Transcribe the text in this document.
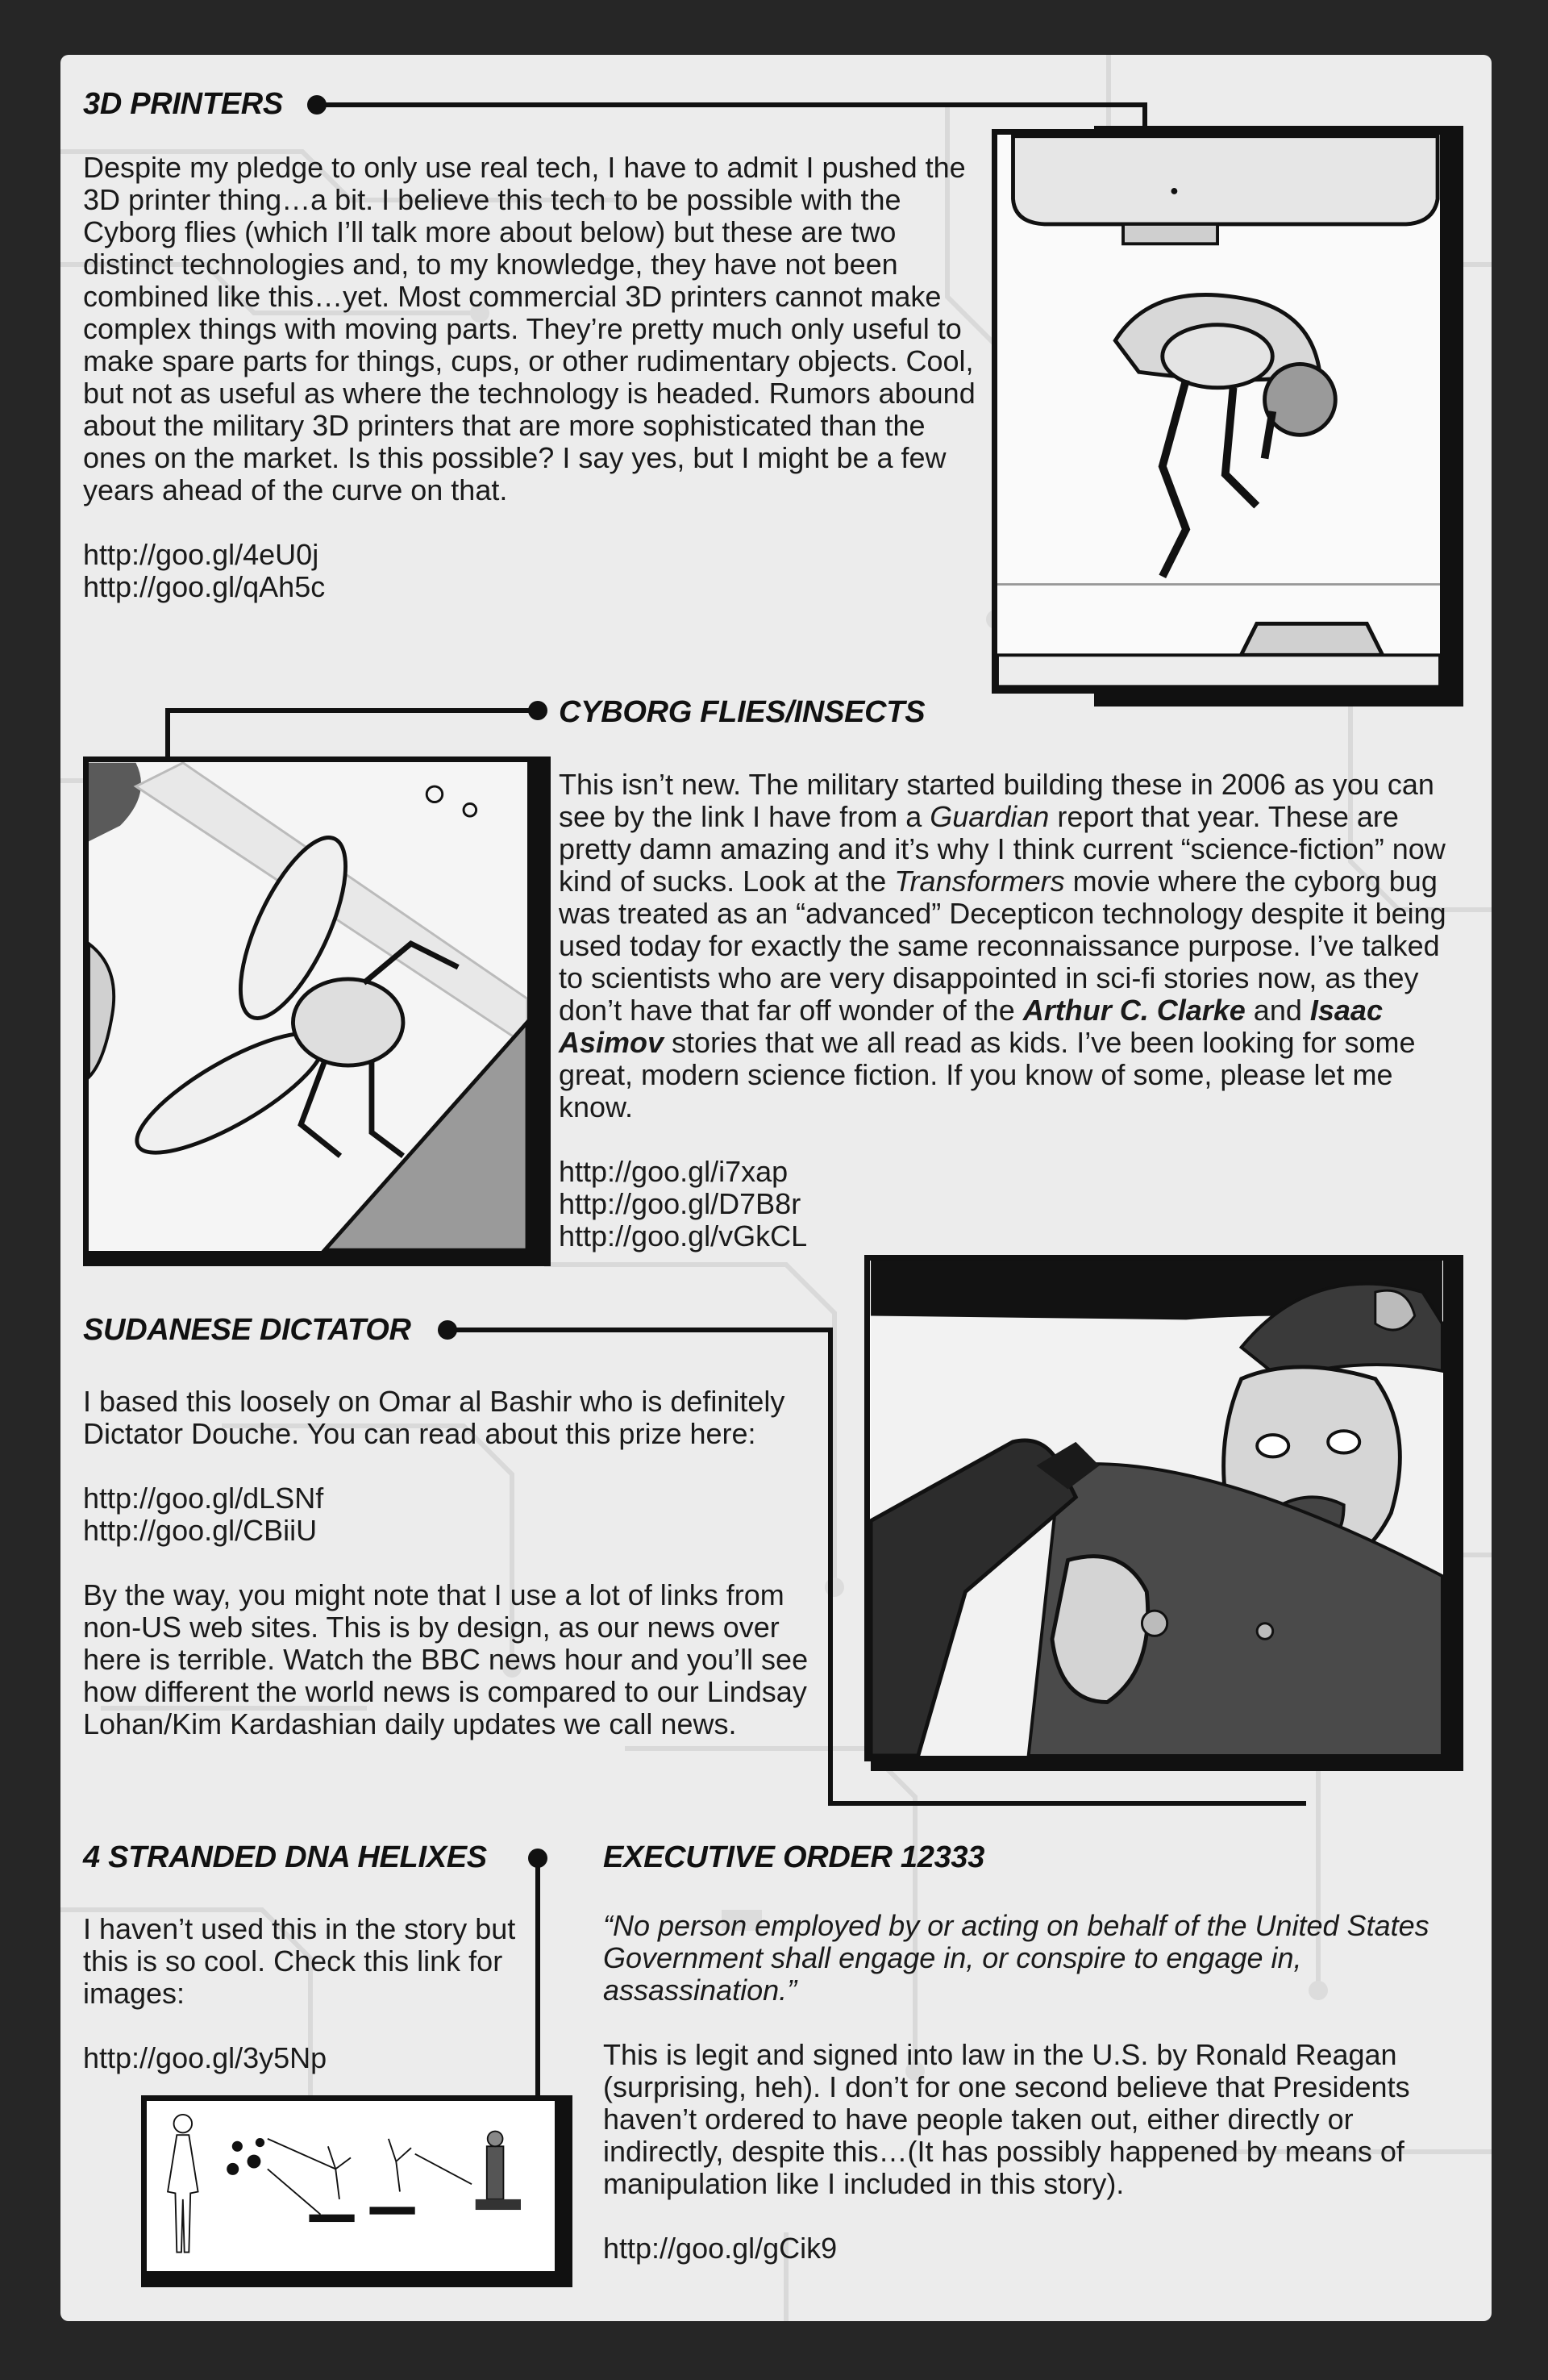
3D PRINTERS

Despite my pledge to only use real tech, I have to admit I pushed the 3D printer thing…a bit. I believe this tech to be possible with the Cyborg flies (which I’ll talk more about below) but these are two distinct technologies and, to my knowledge, they have not been combined like this…yet. Most commercial 3D printers cannot make complex things with moving parts. They’re pretty much only useful to make spare parts for things, cups, or other rudimentary objects. Cool, but not as useful as where the technology is headed. Rumors abound about the military 3D printers that are more sophisticated than the ones on the market. Is this possible? I say yes, but I might be a few years ahead of the curve on that.

http://goo.gl/4eU0j
http://goo.gl/qAh5c

CYBORG FLIES/INSECTS

This isn’t new. The military started building these in 2006 as you can see by the link I have from a Guardian report that year. These are pretty damn amazing and it’s why I think current “science-fiction” now kind of sucks. Look at the Transformers movie where the cyborg bug was treated as an “advanced” Decepticon technology despite it being used today for exactly the same reconnaissance purpose. I’ve talked to scientists who are very disappointed in sci-fi stories now, as they don’t have that far off wonder of the Arthur C. Clarke and Isaac Asimov stories that we all read as kids. I’ve been looking for some great, modern science fiction. If you know of some, please let me know.

http://goo.gl/i7xap
http://goo.gl/D7B8r
http://goo.gl/vGkCL

SUDANESE DICTATOR

I based this loosely on Omar al Bashir who is definitely Dictator Douche. You can read about this prize here:

http://goo.gl/dLSNf
http://goo.gl/CBiiU

By the way, you might note that I use a lot of links from non-US web sites. This is by design, as our news over here is terrible. Watch the BBC news hour and you’ll see how different the world news is compared to our Lindsay Lohan/Kim Kardashian daily updates we call news.

4 STRANDED DNA HELIXES

I haven’t used this in the story but this is so cool. Check this link for images:

http://goo.gl/3y5Np

EXECUTIVE ORDER 12333

“No person employed by or acting on behalf of the United States Government shall engage in, or conspire to engage in, assassination.”

This is legit and signed into law in the U.S. by Ronald Reagan (surprising, heh). I don’t for one second believe that Presidents haven’t ordered to have people taken out, either directly or indirectly, despite this…(It has possibly happened by means of manipulation like I included in this story).

http://goo.gl/gCik9
